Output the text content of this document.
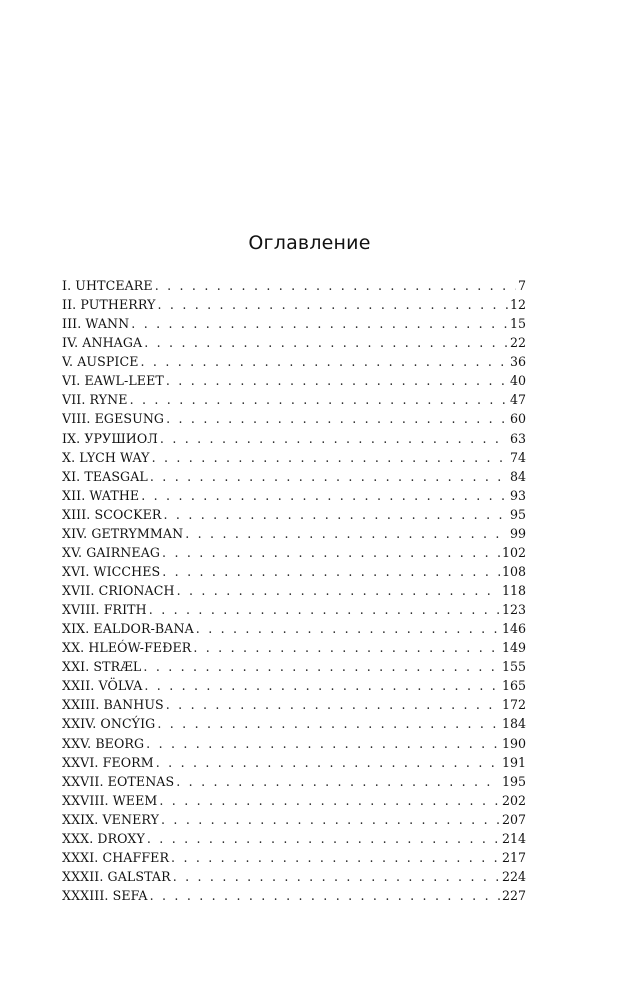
Оглавление
I. UHTCEARE . . .	7
II. PUTHERRY . . .	12
III. WANN . . .	15
IV. ANHAGA . . .	22
V. AUSPICE . . .	36
VI. EAWL-LEET . . .	40
VII. RYNE . . .	47
VIII. EGESUNG . . .	60
IX. УРУШИОЛ . . .	63
X. LYCH WAY . . .	74
XI. TEASGAL . . .	84
XII. WATHE . . .	93
XIII. SCOCKER . . .	95
XIV. GETRYMMAN . . .	99
XV. GAIRNEAG . . .	102
XVI. WICCHES . . .	108
XVII. CRIONACH . . .	118
XVIII. FRITH . . .	123
XIX. EALDOR-BANA . . .	146
XX. HLEÓW-FEÐER . . .	149
XXI. STRÆL . . .	155
XXII. VÖLVA . . .	165
XXIII. BANHUS . . .	172
XXIV. ONCÝIG . . .	184
XXV. BEORG . . .	190
XXVI. FEORM . . .	191
XXVII. EOTENAS . . .	195
XXVIII. WEEM . . .	202
XXIX. VENERY . . .	207
XXX. DROXY . . .	214
XXXI. CHAFFER . . .	217
XXXII. GALSTAR . . .	224
XXXIII. SEFA . . .	227
